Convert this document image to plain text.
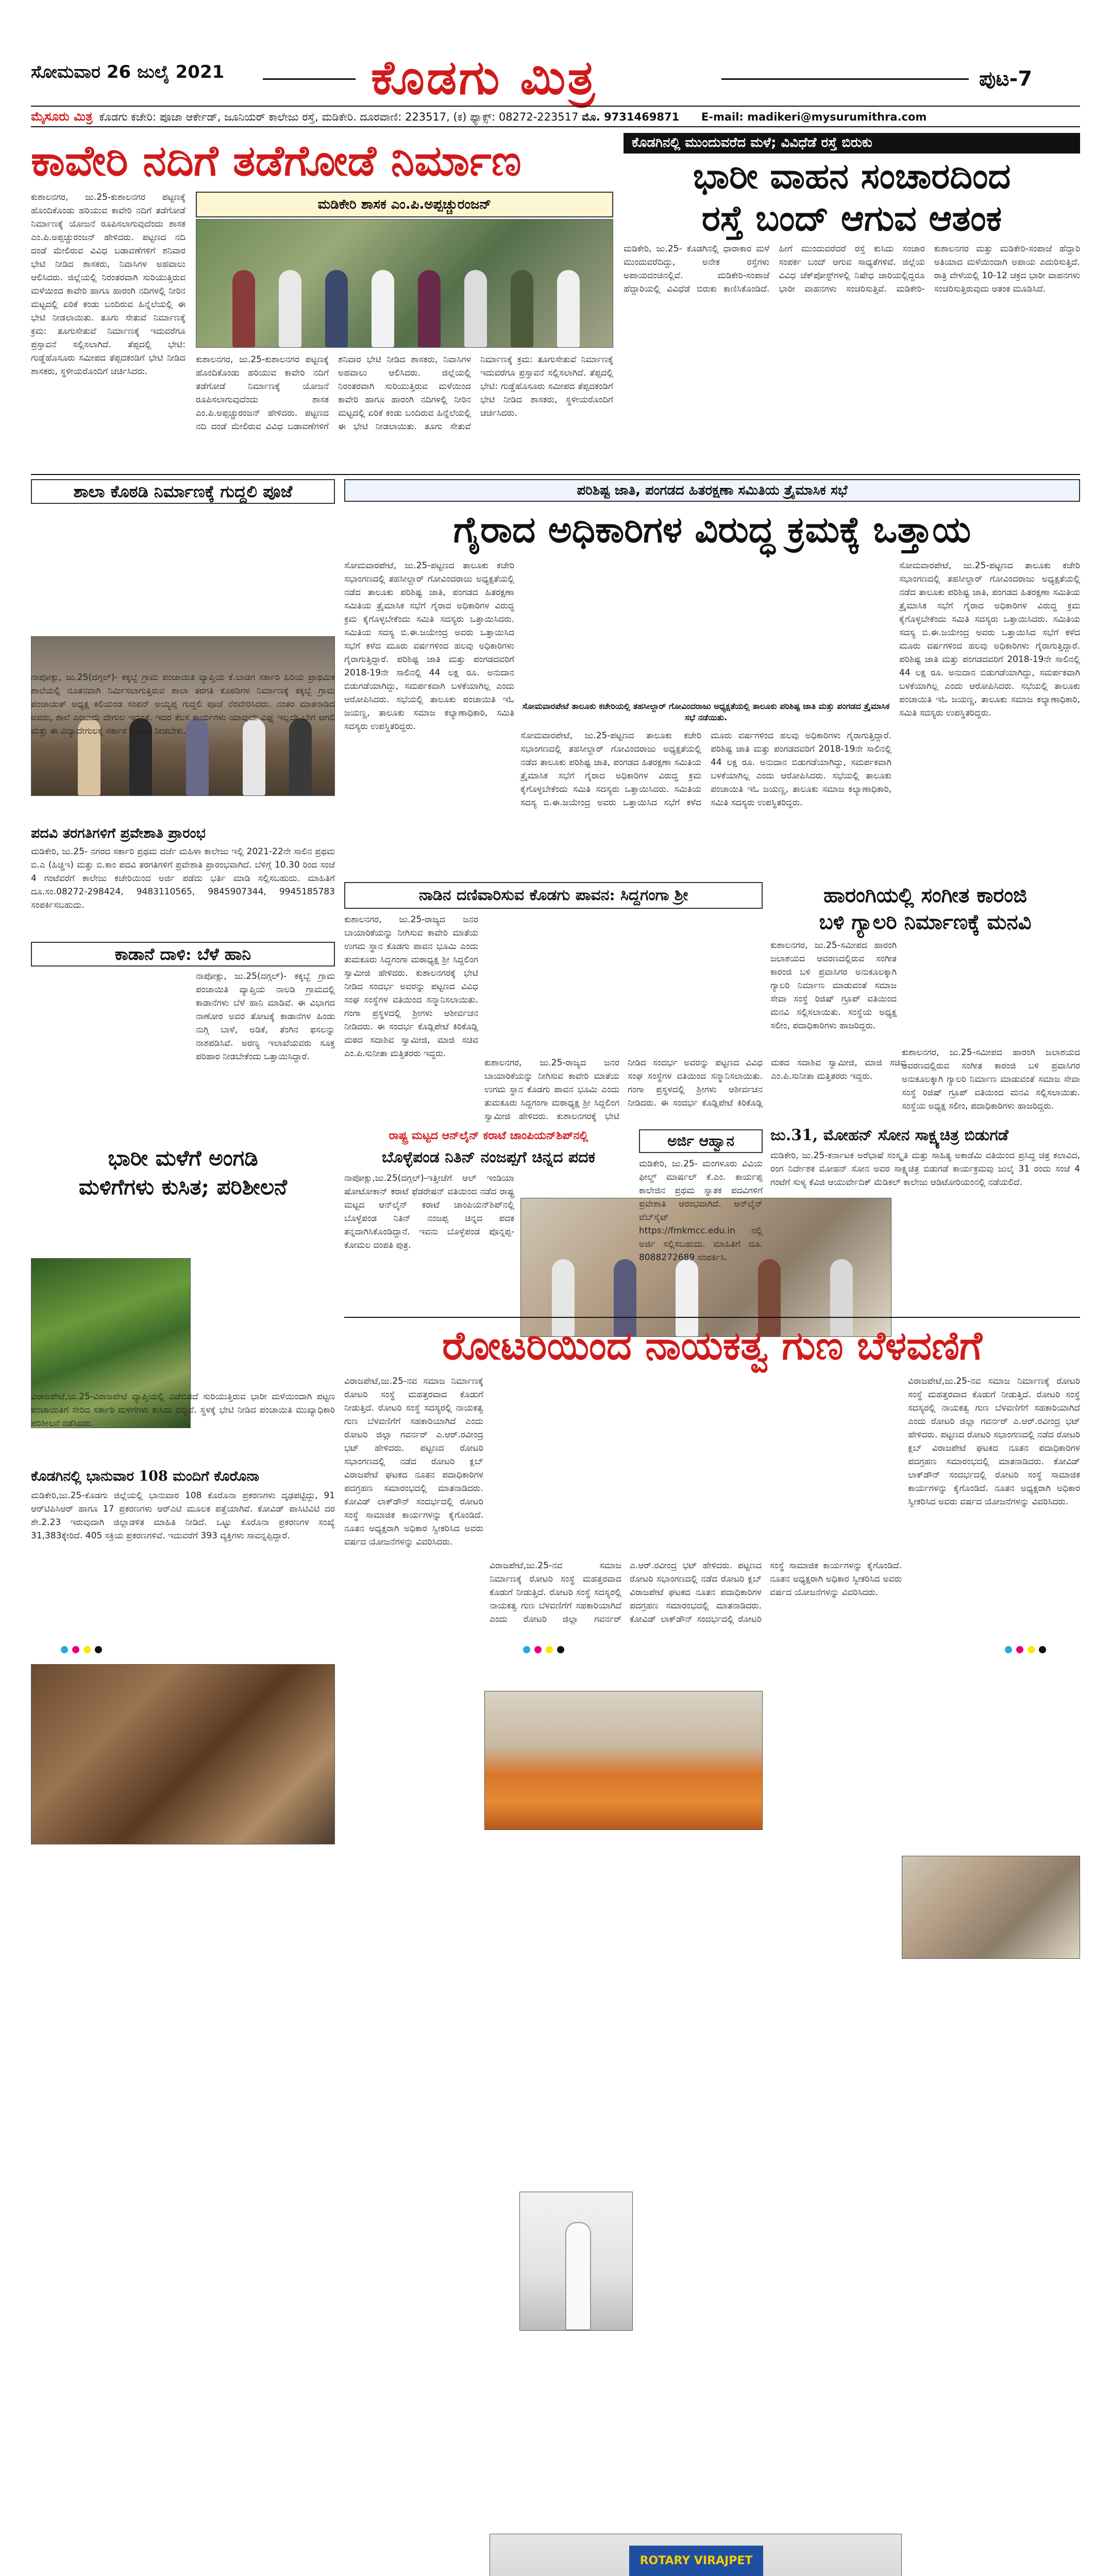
ಸೋಮವಾರ 26 ಜುಲೈ 2021	ಕೊಡಗು ಮಿತ್ರ	ಪುಟ-7
ಮೈಸೂರು ಮಿತ್ರ ಕೊಡಗು ಕಚೇರಿ: ಪೂಜಾ ಆರ್ಕೇಡ್, ಜೂನಿಯರ್ ಕಾಲೇಜು ರಸ್ತೆ, ಮಡಿಕೇರಿ. ದೂರವಾಣಿ: 223517, (ಕ) ಫ್ಯಾಕ್ಸ್: 08272-223517 ಮೊ. 9731469871 E-mail: madikeri@mysurumithra.com
ಕಾವೇರಿ ನದಿಗೆ ತಡೆಗೋಡೆ ನಿರ್ಮಾಣ
ಕುಶಾಲನಗರ, ಜು.25-ಕುಶಾಲನಗರ ಪಟ್ಟಣಕ್ಕೆ ಹೊಂದಿಕೊಂಡು ಹರಿಯುವ ಕಾವೇರಿ ನದಿಗೆ ತಡೆಗೋಡೆ ನಿರ್ಮಾಣಕ್ಕೆ ಯೋಜನೆ ರೂಪಿಸಲಾಗುವುದೆಂದು ಶಾಸಕ ಎಂ.ಪಿ.ಅಪ್ಪಚ್ಚುರಂಜನ್ ಹೇಳಿದರು. ಪಟ್ಟಣದ ನದಿ ದಂಡೆ ಮೇಲಿರುವ ವಿವಿಧ ಬಡಾವಣೆಗಳಿಗೆ ಶನಿವಾರ ಭೇಟಿ ನೀಡಿದ ಶಾಸಕರು, ನಿವಾಸಿಗಳ ಅಹವಾಲು ಆಲಿಸಿದರು. ಜಿಲ್ಲೆಯಲ್ಲಿ ನಿರಂತರವಾಗಿ ಸುರಿಯುತ್ತಿರುವ ಮಳೆಯಿಂದ ಕಾವೇರಿ ಹಾಗೂ ಹಾರಂಗಿ ನದಿಗಳಲ್ಲಿ ನೀರಿನ ಮಟ್ಟದಲ್ಲಿ ಏರಿಕೆ ಕಂಡು ಬಂದಿರುವ ಹಿನ್ನೆಲೆಯಲ್ಲಿ ಈ ಭೇಟಿ ನೀಡಲಾಯಿತು. ತೂಗು ಸೇತುವೆ ನಿರ್ಮಾಣಕ್ಕೆ ಕ್ರಮ: ತೂಗುಸೇತುವೆ ನಿರ್ಮಾಣಕ್ಕೆ ಇದುವರೆಗೂ ಪ್ರಸ್ತಾವನೆ ಸಲ್ಲಿಸಲಾಗಿದೆ. ತೆಪ್ಪದಲ್ಲಿ ಭೇಟಿ: ಗುಡ್ಡೆಹೊಸೂರು ಸಮೀಪದ ತೆಪ್ಪದಕಂಡಿಗೆ ಭೇಟಿ ನೀಡಿದ ಶಾಸಕರು, ಸ್ಥಳೀಯರೊಂದಿಗೆ ಚರ್ಚಿಸಿದರು.
ಮಡಿಕೇರಿ ಶಾಸಕ ಎಂ.ಪಿ.ಅಪ್ಪಚ್ಚುರಂಜನ್
ಕುಶಾಲನಗರ, ಜು.25-ಕುಶಾಲನಗರ ಪಟ್ಟಣಕ್ಕೆ ಹೊಂದಿಕೊಂಡು ಹರಿಯುವ ಕಾವೇರಿ ನದಿಗೆ ತಡೆಗೋಡೆ ನಿರ್ಮಾಣಕ್ಕೆ ಯೋಜನೆ ರೂಪಿಸಲಾಗುವುದೆಂದು ಶಾಸಕ ಎಂ.ಪಿ.ಅಪ್ಪಚ್ಚುರಂಜನ್ ಹೇಳಿದರು. ಪಟ್ಟಣದ ನದಿ ದಂಡೆ ಮೇಲಿರುವ ವಿವಿಧ ಬಡಾವಣೆಗಳಿಗೆ ಶನಿವಾರ ಭೇಟಿ ನೀಡಿದ ಶಾಸಕರು, ನಿವಾಸಿಗಳ ಅಹವಾಲು ಆಲಿಸಿದರು. ಜಿಲ್ಲೆಯಲ್ಲಿ ನಿರಂತರವಾಗಿ ಸುರಿಯುತ್ತಿರುವ ಮಳೆಯಿಂದ ಕಾವೇರಿ ಹಾಗೂ ಹಾರಂಗಿ ನದಿಗಳಲ್ಲಿ ನೀರಿನ ಮಟ್ಟದಲ್ಲಿ ಏರಿಕೆ ಕಂಡು ಬಂದಿರುವ ಹಿನ್ನೆಲೆಯಲ್ಲಿ ಈ ಭೇಟಿ ನೀಡಲಾಯಿತು. ತೂಗು ಸೇತುವೆ ನಿರ್ಮಾಣಕ್ಕೆ ಕ್ರಮ: ತೂಗುಸೇತುವೆ ನಿರ್ಮಾಣಕ್ಕೆ ಇದುವರೆಗೂ ಪ್ರಸ್ತಾವನೆ ಸಲ್ಲಿಸಲಾಗಿದೆ. ತೆಪ್ಪದಲ್ಲಿ ಭೇಟಿ: ಗುಡ್ಡೆಹೊಸೂರು ಸಮೀಪದ ತೆಪ್ಪದಕಂಡಿಗೆ ಭೇಟಿ ನೀಡಿದ ಶಾಸಕರು, ಸ್ಥಳೀಯರೊಂದಿಗೆ ಚರ್ಚಿಸಿದರು.
ಕೊಡಗಿನಲ್ಲಿ ಮುಂದುವರೆದ ಮಳೆ; ವಿವಿಧೆಡೆ ರಸ್ತೆ ಬಿರುಕು
ಭಾರೀ ವಾಹನ ಸಂಚಾರದಿಂದ
ರಸ್ತೆ ಬಂದ್ ಆಗುವ ಆತಂಕ
ಮಡಿಕೇರಿ, ಜು.25- ಕೊಡಗಿನಲ್ಲಿ ಧಾರಾಕಾರ ಮಳೆ ಮುಂದುವರೆದಿದ್ದು, ಅನೇಕ ರಸ್ತೆಗಳು ಅಪಾಯದಂಚಿನಲ್ಲಿವೆ. ಮಡಿಕೇರಿ-ಸಂಪಾಜೆ ಹೆದ್ದಾರಿಯಲ್ಲಿ ವಿವಿಧೆಡೆ ಬಿರುಕು ಕಾಣಿಸಿಕೊಂಡಿದೆ. ಹೀಗೆ ಮುಂದುವರೆದರೆ ರಸ್ತೆ ಕುಸಿದು ಸಂಚಾರ ಸಂಪರ್ಕ ಬಂದ್ ಆಗುವ ಸಾಧ್ಯತೆಗಳಿವೆ. ಜಿಲ್ಲೆಯ ವಿವಿಧ ಚೆಕ್‌ಪೋಸ್ಟ್‌ಗಳಲ್ಲಿ ನಿಷೇಧ ಜಾರಿಯಲ್ಲಿದ್ದರೂ ಭಾರೀ ವಾಹನಗಳು ಸಂಚರಿಸುತ್ತಿವೆ. ಮಡಿಕೇರಿ-ಕುಶಾಲನಗರ ಮತ್ತು ಮಡಿಕೇರಿ-ಸಂಪಾಜೆ ಹೆದ್ದಾರಿ ಅತಿಯಾದ ಮಳೆಯಿಂದಾಗಿ ಅಪಾಯ ಎದುರಿಸುತ್ತಿದೆ. ರಾತ್ರಿ ವೇಳೆಯಲ್ಲಿ 10-12 ಚಕ್ರದ ಭಾರೀ ವಾಹನಗಳು ಸಂಚರಿಸುತ್ತಿರುವುದು ಆತಂಕ ಮೂಡಿಸಿದೆ.
ಶಾಲಾ ಕೊಠಡಿ ನಿರ್ಮಾಣಕ್ಕೆ ಗುದ್ದಲಿ ಪೂಜೆ
ನಾಪೋಕ್ಲು, ಜು.25(ದಗ್ಗಲ್)- ಕಕ್ಕಬ್ಬೆ ಗ್ರಾಮ ಪಂಚಾಯಿತಿ ವ್ಯಾಪ್ತಿಯ ಕೆ.ಬಾಡಗ ಸರ್ಕಾರಿ ಹಿರಿಯ ಪ್ರಾಥಮಿಕ ಶಾಲೆಯಲ್ಲಿ ನೂತನವಾಗಿ ನಿರ್ಮಿಸಲಾಗುತ್ತಿರುವ ಶಾಲಾ ತರಗತಿ ಕೊಠಡಿಗಳ ನಿರ್ಮಾಣಕ್ಕೆ ಕಕ್ಕಬ್ಬೆ ಗ್ರಾಮ ಪಂಚಾಯಿತ್ ಅಧ್ಯಕ್ಷ ಕಲಿಯಂಡ ಸಂಪನ್ ಅಯ್ಯಪ್ಪ ಗುದ್ದಲಿ ಪೂಜೆ ನೆರವೇರಿಸಿದರು. ನಂತರ ಮಾತನಾಡಿದ ಅವರು, ಶಾಲೆ ಎಂಬುದು ದೇಗುಲ ಇದ್ದಂತೆ. ಇದರ ಕೆಲಸ ಕಾರ್ಯಗಳು ಯಾವುದೇ ವಿಘ್ನ ಇಲ್ಲದೇ ಬೇಗ ಆಗಲಿ ಮತ್ತು ಈ ವಿದ್ಯಾದೇಗುಲಕ್ಕೆ ಸರ್ಕಾರ ಸಹಕಾರ ನೀಡಬೇಕು.
ಪದವಿ ತರಗತಿಗಳಿಗೆ ಪ್ರವೇಶಾತಿ ಪ್ರಾರಂಭ
ಮಡಿಕೇರಿ, ಜು.25- ನಗರದ ಸರ್ಕಾರಿ ಪ್ರಥಮ ದರ್ಜೆ ಮಹಿಳಾ ಕಾಲೇಜು ಇಲ್ಲಿ 2021-22ನೇ ಸಾಲಿನ ಪ್ರಥಮ ಬಿ.ಎ (ಹಿಚ್ಚಿಇ) ಮತ್ತು ಬಿ.ಕಾಂ ಪದವಿ ತರಗತಿಗಳಿಗೆ ಪ್ರವೇಶಾತಿ ಪ್ರಾರಂಭವಾಗಿದೆ. ಬೆಳಿಗ್ಗೆ 10.30 ರಿಂದ ಸಂಜೆ 4 ಗಂಟೆವರೆಗೆ ಕಾಲೇಜು ಕಚೇರಿಯಿಂದ ಅರ್ಜಿ ಪಡೆದು ಭರ್ತಿ ಮಾಡಿ ಸಲ್ಲಿಸಬಹುದು. ಮಾಹಿತಿಗೆ ದೂ.ಸಂ.08272-298424, 9483110565, 9845907344, 9945185783 ಸಂಪರ್ಕಿಸಬಹುದು.
ಕಾಡಾನೆ ದಾಳಿ: ಬೆಳೆ ಹಾನಿ
ನಾಪೋಕ್ಲು, ಜು.25(ದಗ್ಗಲ್)- ಕಕ್ಕಬ್ಬೆ ಗ್ರಾಮ ಪಂಚಾಯಿತಿ ವ್ಯಾಪ್ತಿಯ ನಾಲಡಿ ಗ್ರಾಮದಲ್ಲಿ ಕಾಡಾನೆಗಳು ಬೆಳೆ ಹಾನಿ ಮಾಡಿವೆ. ಈ ವಿಭಾಗದ ನಾಣೋರ ಅವರ ತೋಟಕ್ಕೆ ಕಾಡಾನೆಗಳ ಹಿಂಡು ನುಗ್ಗಿ ಬಾಳೆ, ಅಡಿಕೆ, ತೆಂಗಿನ ಫಸಲನ್ನು ನಾಶಪಡಿಸಿವೆ. ಅರಣ್ಯ ಇಲಾಖೆಯವರು ಸೂಕ್ತ ಪರಿಹಾರ ನೀಡಬೇಕೆಂದು ಒತ್ತಾಯಿಸಿದ್ದಾರೆ.
ಭಾರೀ ಮಳೆಗೆ ಅಂಗಡಿ
ಮಳಿಗೆಗಳು ಕುಸಿತ; ಪರಿಶೀಲನೆ
ವಿರಾಜಪೇಟೆ,ಜು.25-ವಿರಾಜಪೇಟೆ ವ್ಯಾಪ್ತಿಯಲ್ಲಿ ಎಡೆಬಿಡದೆ ಸುರಿಯುತ್ತಿರುವ ಭಾರೀ ಮಳೆಯಿಂದಾಗಿ ಪಟ್ಟಣ ಪಂಚಾಯಿತಿಗೆ ಸೇರಿದ ಸರ್ಕಾರಿ ಮಳಿಗೆಗಳು ಕುಸಿದು ಬಿದ್ದಿವೆ. ಸ್ಥಳಕ್ಕೆ ಭೇಟಿ ನೀಡಿದ ಪಂಚಾಯಿತಿ ಮುಖ್ಯಾಧಿಕಾರಿ ಪರಿಶೀಲನೆ ನಡೆಸಿದರು.
ಕೊಡಗಿನಲ್ಲಿ ಭಾನುವಾರ 108 ಮಂದಿಗೆ ಕೊರೊನಾ
ಮಡಿಕೇರಿ,ಜು.25-ಕೊಡಗು ಜಿಲ್ಲೆಯಲ್ಲಿ ಭಾನುವಾರ 108 ಕೊರೊನಾ ಪ್ರಕರಣಗಳು ದೃಢಪಟ್ಟಿದ್ದು, 91 ಆರ್‌ಟಿಪಿಸಿಆರ್ ಹಾಗೂ 17 ಪ್ರಕರಣಗಳು ಆರ್‌ಎಟಿ ಮೂಲಕ ಪತ್ತೆಯಾಗಿವೆ. ಕೋವಿಡ್ ಪಾಸಿಟಿವಿಟಿ ದರ ಶೇ.2.23 ಇರುವುದಾಗಿ ಜಿಲ್ಲಾಡಳಿತ ಮಾಹಿತಿ ನೀಡಿದೆ. ಒಟ್ಟು ಕೊರೊನಾ ಪ್ರಕರಣಗಳ ಸಂಖ್ಯೆ 31,383ಕ್ಕೇರಿದೆ. 405 ಸಕ್ರಿಯ ಪ್ರಕರಣಗಳಿವೆ. ಇದುವರೆಗೆ 393 ವ್ಯಕ್ತಿಗಳು ಸಾವನ್ನಪ್ಪಿದ್ದಾರೆ.
ಪರಿಶಿಷ್ಟ ಜಾತಿ, ಪಂಗಡದ ಹಿತರಕ್ಷಣಾ ಸಮಿತಿಯ ತ್ರೈಮಾಸಿಕ ಸಭೆ
ಗೈರಾದ ಅಧಿಕಾರಿಗಳ ವಿರುದ್ಧ ಕ್ರಮಕ್ಕೆ ಒತ್ತಾಯ
ಸೋಮವಾರಪೇಟೆ, ಜು.25-ಪಟ್ಟಣದ ತಾಲೂಕು ಕಚೇರಿ ಸಭಾಂಗಣದಲ್ಲಿ ತಹಸೀಲ್ದಾರ್ ಗೋವಿಂದರಾಜು ಅಧ್ಯಕ್ಷತೆಯಲ್ಲಿ ನಡೆದ ತಾಲೂಕು ಪರಿಶಿಷ್ಟ ಜಾತಿ, ಪಂಗಡದ ಹಿತರಕ್ಷಣಾ ಸಮಿತಿಯ ತ್ರೈಮಾಸಿಕ ಸಭೆಗೆ ಗೈರಾದ ಅಧಿಕಾರಿಗಳ ವಿರುದ್ಧ ಕ್ರಮ ಕೈಗೊಳ್ಳಬೇಕೆಂದು ಸಮಿತಿ ಸದಸ್ಯರು ಒತ್ತಾಯಿಸಿದರು. ಸಮಿತಿಯ ಸದಸ್ಯ ಬಿ.ಈ.ಜಯೇಂದ್ರ ಅವರು ಒತ್ತಾಯಿಸಿದ ಸಭೆಗೆ ಕಳೆದ ಮೂರು ವರ್ಷಗಳಿಂದ ಹಲವು ಅಧಿಕಾರಿಗಳು ಗೈರಾಗುತ್ತಿದ್ದಾರೆ. ಪರಿಶಿಷ್ಟ ಜಾತಿ ಮತ್ತು ಪಂಗಡದವರಿಗೆ 2018-19ನೇ ಸಾಲಿನಲ್ಲಿ 44 ಲಕ್ಷ ರೂ. ಅನುದಾನ ಬಿಡುಗಡೆಯಾಗಿದ್ದು, ಸಮರ್ಪಕವಾಗಿ ಬಳಕೆಯಾಗಿಲ್ಲ ಎಂದು ಆರೋಪಿಸಿದರು. ಸಭೆಯಲ್ಲಿ ತಾಲೂಕು ಪಂಚಾಯಿತಿ ಇಓ ಜಯಣ್ಣ, ತಾಲೂಕು ಸಮಾಜ ಕಲ್ಯಾಣಾಧಿಕಾರಿ, ಸಮಿತಿ ಸದಸ್ಯರು ಉಪಸ್ಥಿತರಿದ್ದರು.
ಸೋಮವಾರಪೇಟೆ ತಾಲೂಕು ಕಚೇರಿಯಲ್ಲಿ ತಹಸೀಲ್ದಾರ್ ಗೋವಿಂದರಾಜು ಅಧ್ಯಕ್ಷತೆಯಲ್ಲಿ ತಾಲೂಕು ಪರಿಶಿಷ್ಟ ಜಾತಿ ಮತ್ತು ಪಂಗಡದ ತ್ರೈಮಾಸಿಕ ಸಭೆ ನಡೆಯಿತು.
ಸೋಮವಾರಪೇಟೆ, ಜು.25-ಪಟ್ಟಣದ ತಾಲೂಕು ಕಚೇರಿ ಸಭಾಂಗಣದಲ್ಲಿ ತಹಸೀಲ್ದಾರ್ ಗೋವಿಂದರಾಜು ಅಧ್ಯಕ್ಷತೆಯಲ್ಲಿ ನಡೆದ ತಾಲೂಕು ಪರಿಶಿಷ್ಟ ಜಾತಿ, ಪಂಗಡದ ಹಿತರಕ್ಷಣಾ ಸಮಿತಿಯ ತ್ರೈಮಾಸಿಕ ಸಭೆಗೆ ಗೈರಾದ ಅಧಿಕಾರಿಗಳ ವಿರುದ್ಧ ಕ್ರಮ ಕೈಗೊಳ್ಳಬೇಕೆಂದು ಸಮಿತಿ ಸದಸ್ಯರು ಒತ್ತಾಯಿಸಿದರು. ಸಮಿತಿಯ ಸದಸ್ಯ ಬಿ.ಈ.ಜಯೇಂದ್ರ ಅವರು ಒತ್ತಾಯಿಸಿದ ಸಭೆಗೆ ಕಳೆದ ಮೂರು ವರ್ಷಗಳಿಂದ ಹಲವು ಅಧಿಕಾರಿಗಳು ಗೈರಾಗುತ್ತಿದ್ದಾರೆ. ಪರಿಶಿಷ್ಟ ಜಾತಿ ಮತ್ತು ಪಂಗಡದವರಿಗೆ 2018-19ನೇ ಸಾಲಿನಲ್ಲಿ 44 ಲಕ್ಷ ರೂ. ಅನುದಾನ ಬಿಡುಗಡೆಯಾಗಿದ್ದು, ಸಮರ್ಪಕವಾಗಿ ಬಳಕೆಯಾಗಿಲ್ಲ ಎಂದು ಆರೋಪಿಸಿದರು. ಸಭೆಯಲ್ಲಿ ತಾಲೂಕು ಪಂಚಾಯಿತಿ ಇಓ ಜಯಣ್ಣ, ತಾಲೂಕು ಸಮಾಜ ಕಲ್ಯಾಣಾಧಿಕಾರಿ, ಸಮಿತಿ ಸದಸ್ಯರು ಉಪಸ್ಥಿತರಿದ್ದರು.
ಸೋಮವಾರಪೇಟೆ, ಜು.25-ಪಟ್ಟಣದ ತಾಲೂಕು ಕಚೇರಿ ಸಭಾಂಗಣದಲ್ಲಿ ತಹಸೀಲ್ದಾರ್ ಗೋವಿಂದರಾಜು ಅಧ್ಯಕ್ಷತೆಯಲ್ಲಿ ನಡೆದ ತಾಲೂಕು ಪರಿಶಿಷ್ಟ ಜಾತಿ, ಪಂಗಡದ ಹಿತರಕ್ಷಣಾ ಸಮಿತಿಯ ತ್ರೈಮಾಸಿಕ ಸಭೆಗೆ ಗೈರಾದ ಅಧಿಕಾರಿಗಳ ವಿರುದ್ಧ ಕ್ರಮ ಕೈಗೊಳ್ಳಬೇಕೆಂದು ಸಮಿತಿ ಸದಸ್ಯರು ಒತ್ತಾಯಿಸಿದರು. ಸಮಿತಿಯ ಸದಸ್ಯ ಬಿ.ಈ.ಜಯೇಂದ್ರ ಅವರು ಒತ್ತಾಯಿಸಿದ ಸಭೆಗೆ ಕಳೆದ ಮೂರು ವರ್ಷಗಳಿಂದ ಹಲವು ಅಧಿಕಾರಿಗಳು ಗೈರಾಗುತ್ತಿದ್ದಾರೆ. ಪರಿಶಿಷ್ಟ ಜಾತಿ ಮತ್ತು ಪಂಗಡದವರಿಗೆ 2018-19ನೇ ಸಾಲಿನಲ್ಲಿ 44 ಲಕ್ಷ ರೂ. ಅನುದಾನ ಬಿಡುಗಡೆಯಾಗಿದ್ದು, ಸಮರ್ಪಕವಾಗಿ ಬಳಕೆಯಾಗಿಲ್ಲ ಎಂದು ಆರೋಪಿಸಿದರು. ಸಭೆಯಲ್ಲಿ ತಾಲೂಕು ಪಂಚಾಯಿತಿ ಇಓ ಜಯಣ್ಣ, ತಾಲೂಕು ಸಮಾಜ ಕಲ್ಯಾಣಾಧಿಕಾರಿ, ಸಮಿತಿ ಸದಸ್ಯರು ಉಪಸ್ಥಿತರಿದ್ದರು.
ನಾಡಿನ ದಣಿವಾರಿಸುವ ಕೊಡಗು ಪಾವನ: ಸಿದ್ದಗಂಗಾ ಶ್ರೀ
ಕುಶಾಲನಗರ, ಜು.25-ರಾಜ್ಯದ ಜನರ ಬಾಯಾರಿಕೆಯನ್ನು ನೀಗಿಸುವ ಕಾವೇರಿ ಮಾತೆಯ ಉಗಮ ಸ್ಥಾನ ಕೊಡಗು ಪಾವನ ಭೂಮಿ ಎಂದು ತುಮಕೂರು ಸಿದ್ದಗಂಗಾ ಮಠಾಧ್ಯಕ್ಷ ಶ್ರೀ ಸಿದ್ದಲಿಂಗ ಸ್ವಾಮೀಜಿ ಹೇಳಿದರು. ಕುಶಾಲನಗರಕ್ಕೆ ಭೇಟಿ ನೀಡಿದ ಸಂದರ್ಭ ಅವರನ್ನು ಪಟ್ಟಣದ ವಿವಿಧ ಸಂಘ ಸಂಸ್ಥೆಗಳ ವತಿಯಿಂದ ಸನ್ಮಾನಿಸಲಾಯಿತು. ಗಂಗಾ ಪ್ರಸ್ಥಳದಲ್ಲಿ ಶ್ರೀಗಳು ಆಶೀರ್ವಚನ ನೀಡಿದರು. ಈ ಸಂದರ್ಭ ಕೊಡ್ಲಿಪೇಟೆ ಕಿರಿಕೊಡ್ಲಿ ಮಠದ ಸದಾಶಿವ ಸ್ವಾಮೀಜಿ, ಮಾಜಿ ಸಚಿವ ಎಂ.ಪಿ.ಸುನೀತಾ ಮತ್ತಿತರರು ಇದ್ದರು.
ಕುಶಾಲನಗರ, ಜು.25-ರಾಜ್ಯದ ಜನರ ಬಾಯಾರಿಕೆಯನ್ನು ನೀಗಿಸುವ ಕಾವೇರಿ ಮಾತೆಯ ಉಗಮ ಸ್ಥಾನ ಕೊಡಗು ಪಾವನ ಭೂಮಿ ಎಂದು ತುಮಕೂರು ಸಿದ್ದಗಂಗಾ ಮಠಾಧ್ಯಕ್ಷ ಶ್ರೀ ಸಿದ್ದಲಿಂಗ ಸ್ವಾಮೀಜಿ ಹೇಳಿದರು. ಕುಶಾಲನಗರಕ್ಕೆ ಭೇಟಿ ನೀಡಿದ ಸಂದರ್ಭ ಅವರನ್ನು ಪಟ್ಟಣದ ವಿವಿಧ ಸಂಘ ಸಂಸ್ಥೆಗಳ ವತಿಯಿಂದ ಸನ್ಮಾನಿಸಲಾಯಿತು. ಗಂಗಾ ಪ್ರಸ್ಥಳದಲ್ಲಿ ಶ್ರೀಗಳು ಆಶೀರ್ವಚನ ನೀಡಿದರು. ಈ ಸಂದರ್ಭ ಕೊಡ್ಲಿಪೇಟೆ ಕಿರಿಕೊಡ್ಲಿ ಮಠದ ಸದಾಶಿವ ಸ್ವಾಮೀಜಿ, ಮಾಜಿ ಸಚಿವ ಎಂ.ಪಿ.ಸುನೀತಾ ಮತ್ತಿತರರು ಇದ್ದರು.
ಹಾರಂಗಿಯಲ್ಲಿ ಸಂಗೀತ ಕಾರಂಜಿ
ಬಳಿ ಗ್ಯಾಲರಿ ನಿರ್ಮಾಣಕ್ಕೆ ಮನವಿ
ಕುಶಾಲನಗರ, ಜು.25-ಸಮೀಪದ ಹಾರಂಗಿ ಜಲಾಶಯದ ಆವರಣದಲ್ಲಿರುವ ಸಂಗೀತ ಕಾರಂಜಿ ಬಳಿ ಪ್ರವಾಸಿಗರ ಅನುಕೂಲಕ್ಕಾಗಿ ಗ್ಯಾಲರಿ ನಿರ್ಮಾಣ ಮಾಡುವಂತೆ ಸಮಾಜ ಸೇವಾ ಸಂಸ್ಥೆ ರಿಜಿಷ್ ಗ್ರೂಪ್ ವತಿಯಿಂದ ಮನವಿ ಸಲ್ಲಿಸಲಾಯಿತು. ಸಂಸ್ಥೆಯ ಅಧ್ಯಕ್ಷ ಸಲೀಂ, ಪದಾಧಿಕಾರಿಗಳು ಹಾಜರಿದ್ದರು.
ಕುಶಾಲನಗರ, ಜು.25-ಸಮೀಪದ ಹಾರಂಗಿ ಜಲಾಶಯದ ಆವರಣದಲ್ಲಿರುವ ಸಂಗೀತ ಕಾರಂಜಿ ಬಳಿ ಪ್ರವಾಸಿಗರ ಅನುಕೂಲಕ್ಕಾಗಿ ಗ್ಯಾಲರಿ ನಿರ್ಮಾಣ ಮಾಡುವಂತೆ ಸಮಾಜ ಸೇವಾ ಸಂಸ್ಥೆ ರಿಜಿಷ್ ಗ್ರೂಪ್ ವತಿಯಿಂದ ಮನವಿ ಸಲ್ಲಿಸಲಾಯಿತು. ಸಂಸ್ಥೆಯ ಅಧ್ಯಕ್ಷ ಸಲೀಂ, ಪದಾಧಿಕಾರಿಗಳು ಹಾಜರಿದ್ದರು.
ರಾಷ್ಟ್ರ ಮಟ್ಟದ ಆನ್‌ಲೈನ್ ಕರಾಟೆ ಚಾಂಪಿಯನ್‌ಶಿಪ್‌ನಲ್ಲಿ
ಬೊಳ್ಳೆಪಂಡ ನಿತಿನ್ ನಂಜಪ್ಪಗೆ ಚಿನ್ನದ ಪದಕ
ನಾಪೋಕ್ಲು,ಜು.25(ದಗ್ಗಲ್)-ಇತ್ತೀಚೆಗೆ ಆಲ್ ಇಂಡಿಯಾ ಷೋಟೋಕಾನ್ ಕರಾಟೆ ಫೆಡರೇಷನ್ ವತಿಯಿಂದ ನಡೆದ ರಾಷ್ಟ್ರ ಮಟ್ಟದ ಆನ್‌ಲೈನ್ ಕರಾಟೆ ಚಾಂಪಿಯನ್‌ಶಿಪ್‌ನಲ್ಲಿ ಬೊಳ್ಳೆಪಂಡ ನಿತಿನ್ ನಂಜಪ್ಪ ಚಿನ್ನದ ಪದಕ ತನ್ನದಾಗಿಸಿಕೊಂಡಿದ್ದಾನೆ. ಇವನು ಬೊಳ್ಳೆಪಂಡ ಪೊನ್ನಪ್ಪ-ಕೋಮಲ ದಂಪತಿ ಪುತ್ರ.
ಅರ್ಜಿ ಆಹ್ವಾನ
ಮಡಿಕೇರಿ, ಜು.25- ಮಂಗಳೂರು ವಿವಿಯ ಫೀಲ್ಡ್ ಮಾರ್ಷಲ್ ಕೆ.ಎಂ. ಕಾರ್ಯಪ್ಪ ಕಾಲೇಜಿನ ಪ್ರಥಮ ಸ್ನಾತಕ ಪದವಿಗಳಿಗೆ ಪ್ರವೇಶಾತಿ ಆರಂಭವಾಗಿದೆ. ಆನ್‌ಲೈನ್ ವೆಬ್‌ಸೈಟ್ https://fmkmcc.edu.in ನಲ್ಲಿ ಅರ್ಜಿ ಸಲ್ಲಿಸಬಹುದು. ಮಾಹಿತಿಗೆ ದೂ. 8088272689 ಸಂಪರ್ಕಿಸಿ.
ಜು.31, ಮೋಹನ್ ಸೋನ ಸಾಕ್ಷ್ಯಚಿತ್ರ ಬಿಡುಗಡೆ
ಮಡಿಕೇರಿ, ಜು.25-ಕರ್ನಾಟಕ ಅರೆಭಾಷೆ ಸಂಸ್ಕೃತಿ ಮತ್ತು ಸಾಹಿತ್ಯ ಅಕಾಡೆಮಿ ವತಿಯಿಂದ ಪ್ರಸಿದ್ಧ ಚಿತ್ರ ಕಲಾವಿದ, ರಂಗ ನಿರ್ದೇಶಕ ಮೋಹನ್ ಸೋನ ಅವರ ಸಾಕ್ಷ್ಯಚಿತ್ರ ಬಿಡುಗಡೆ ಕಾರ್ಯಕ್ರಮವು ಜುಲೈ 31 ರಂದು ಸಂಜೆ 4 ಗಂಟೆಗೆ ಸುಳ್ಯ ಕೆವಿಜಿ ಆಯುರ್ವೇದಿಕ್ ಮೆಡಿಕಲ್ ಕಾಲೇಜು ಆಡಿಟೋರಿಯಂನಲ್ಲಿ ನಡೆಯಲಿದೆ.
ರೋಟರಿಯಿಂದ ನಾಯಕತ್ವ ಗುಣ ಬೆಳವಣಿಗೆ
ವಿರಾಜಪೇಟೆ,ಜು.25-ನವ ಸಮಾಜ ನಿರ್ಮಾಣಕ್ಕೆ ರೋಟರಿ ಸಂಸ್ಥೆ ಮಹತ್ತರವಾದ ಕೊಡುಗೆ ನೀಡುತ್ತಿದೆ. ರೋಟರಿ ಸಂಸ್ಥೆ ಸದಸ್ಯರಲ್ಲಿ ನಾಯಕತ್ವ ಗುಣ ಬೆಳವಣಿಗೆಗೆ ಸಹಕಾರಿಯಾಗಿದೆ ಎಂದು ರೋಟರಿ ಜಿಲ್ಲಾ ಗವರ್ನರ್ ಎ.ಆರ್.ರವೀಂದ್ರ ಭಟ್ ಹೇಳಿದರು. ಪಟ್ಟಣದ ರೋಟರಿ ಸಭಾಂಗಣದಲ್ಲಿ ನಡೆದ ರೋಟರಿ ಕ್ಲಬ್ ವಿರಾಜಪೇಟೆ ಘಟಕದ ನೂತನ ಪದಾಧಿಕಾರಿಗಳ ಪದಗ್ರಹಣ ಸಮಾರಂಭದಲ್ಲಿ ಮಾತನಾಡಿದರು. ಕೋವಿಡ್ ಲಾಕ್‌ಡೌನ್ ಸಂದರ್ಭದಲ್ಲಿ ರೋಟರಿ ಸಂಸ್ಥೆ ಸಾಮಾಜಿಕ ಕಾರ್ಯಗಳನ್ನು ಕೈಗೊಂಡಿದೆ. ನೂತನ ಅಧ್ಯಕ್ಷರಾಗಿ ಅಧಿಕಾರ ಸ್ವೀಕರಿಸಿದ ಅವರು ವರ್ಷದ ಯೋಜನೆಗಳನ್ನು ವಿವರಿಸಿದರು.
ROTARY VIRAJPET
ವಿರಾಜಪೇಟೆ,ಜು.25-ನವ ಸಮಾಜ ನಿರ್ಮಾಣಕ್ಕೆ ರೋಟರಿ ಸಂಸ್ಥೆ ಮಹತ್ತರವಾದ ಕೊಡುಗೆ ನೀಡುತ್ತಿದೆ. ರೋಟರಿ ಸಂಸ್ಥೆ ಸದಸ್ಯರಲ್ಲಿ ನಾಯಕತ್ವ ಗುಣ ಬೆಳವಣಿಗೆಗೆ ಸಹಕಾರಿಯಾಗಿದೆ ಎಂದು ರೋಟರಿ ಜಿಲ್ಲಾ ಗವರ್ನರ್ ಎ.ಆರ್.ರವೀಂದ್ರ ಭಟ್ ಹೇಳಿದರು. ಪಟ್ಟಣದ ರೋಟರಿ ಸಭಾಂಗಣದಲ್ಲಿ ನಡೆದ ರೋಟರಿ ಕ್ಲಬ್ ವಿರಾಜಪೇಟೆ ಘಟಕದ ನೂತನ ಪದಾಧಿಕಾರಿಗಳ ಪದಗ್ರಹಣ ಸಮಾರಂಭದಲ್ಲಿ ಮಾತನಾಡಿದರು. ಕೋವಿಡ್ ಲಾಕ್‌ಡೌನ್ ಸಂದರ್ಭದಲ್ಲಿ ರೋಟರಿ ಸಂಸ್ಥೆ ಸಾಮಾಜಿಕ ಕಾರ್ಯಗಳನ್ನು ಕೈಗೊಂಡಿದೆ. ನೂತನ ಅಧ್ಯಕ್ಷರಾಗಿ ಅಧಿಕಾರ ಸ್ವೀಕರಿಸಿದ ಅವರು ವರ್ಷದ ಯೋಜನೆಗಳನ್ನು ವಿವರಿಸಿದರು.
ವಿರಾಜಪೇಟೆ,ಜು.25-ನವ ಸಮಾಜ ನಿರ್ಮಾಣಕ್ಕೆ ರೋಟರಿ ಸಂಸ್ಥೆ ಮಹತ್ತರವಾದ ಕೊಡುಗೆ ನೀಡುತ್ತಿದೆ. ರೋಟರಿ ಸಂಸ್ಥೆ ಸದಸ್ಯರಲ್ಲಿ ನಾಯಕತ್ವ ಗುಣ ಬೆಳವಣಿಗೆಗೆ ಸಹಕಾರಿಯಾಗಿದೆ ಎಂದು ರೋಟರಿ ಜಿಲ್ಲಾ ಗವರ್ನರ್ ಎ.ಆರ್.ರವೀಂದ್ರ ಭಟ್ ಹೇಳಿದರು. ಪಟ್ಟಣದ ರೋಟರಿ ಸಭಾಂಗಣದಲ್ಲಿ ನಡೆದ ರೋಟರಿ ಕ್ಲಬ್ ವಿರಾಜಪೇಟೆ ಘಟಕದ ನೂತನ ಪದಾಧಿಕಾರಿಗಳ ಪದಗ್ರಹಣ ಸಮಾರಂಭದಲ್ಲಿ ಮಾತನಾಡಿದರು. ಕೋವಿಡ್ ಲಾಕ್‌ಡೌನ್ ಸಂದರ್ಭದಲ್ಲಿ ರೋಟರಿ ಸಂಸ್ಥೆ ಸಾಮಾಜಿಕ ಕಾರ್ಯಗಳನ್ನು ಕೈಗೊಂಡಿದೆ. ನೂತನ ಅಧ್ಯಕ್ಷರಾಗಿ ಅಧಿಕಾರ ಸ್ವೀಕರಿಸಿದ ಅವರು ವರ್ಷದ ಯೋಜನೆಗಳನ್ನು ವಿವರಿಸಿದರು.
